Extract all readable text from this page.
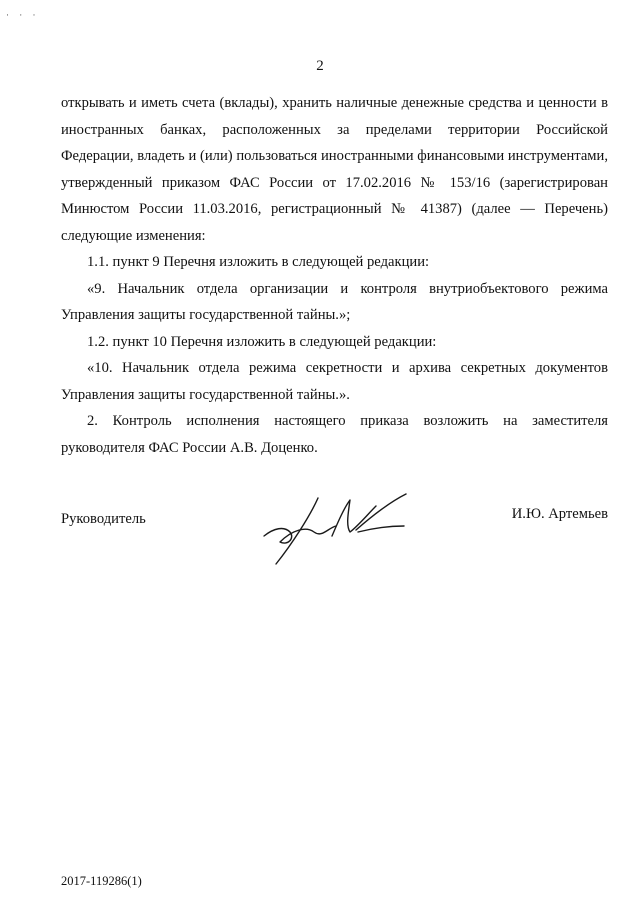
· · ·
2

открывать и иметь счета (вклады), хранить наличные денежные средства и ценности в иностранных банках, расположенных за пределами территории Российской Федерации, владеть и (или) пользоваться иностранными финансовыми инструментами, утвержденный приказом ФАС России от 17.02.2016 № 153/16 (зарегистрирован Минюстом России 11.03.2016, регистрационный № 41387) (далее — Перечень) следующие изменения:

1.1. пункт 9 Перечня изложить в следующей редакции:

«9. Начальник отдела организации и контроля внутриобъектового режима Управления защиты государственной тайны.»;

1.2. пункт 10 Перечня изложить в следующей редакции:

«10. Начальник отдела режима секретности и архива секретных документов Управления защиты государственной тайны.».

2. Контроль исполнения настоящего приказа возложить на заместителя руководителя ФАС России А.В. Доценко.

Руководитель	И.Ю. Артемьев
2017-119286(1)
